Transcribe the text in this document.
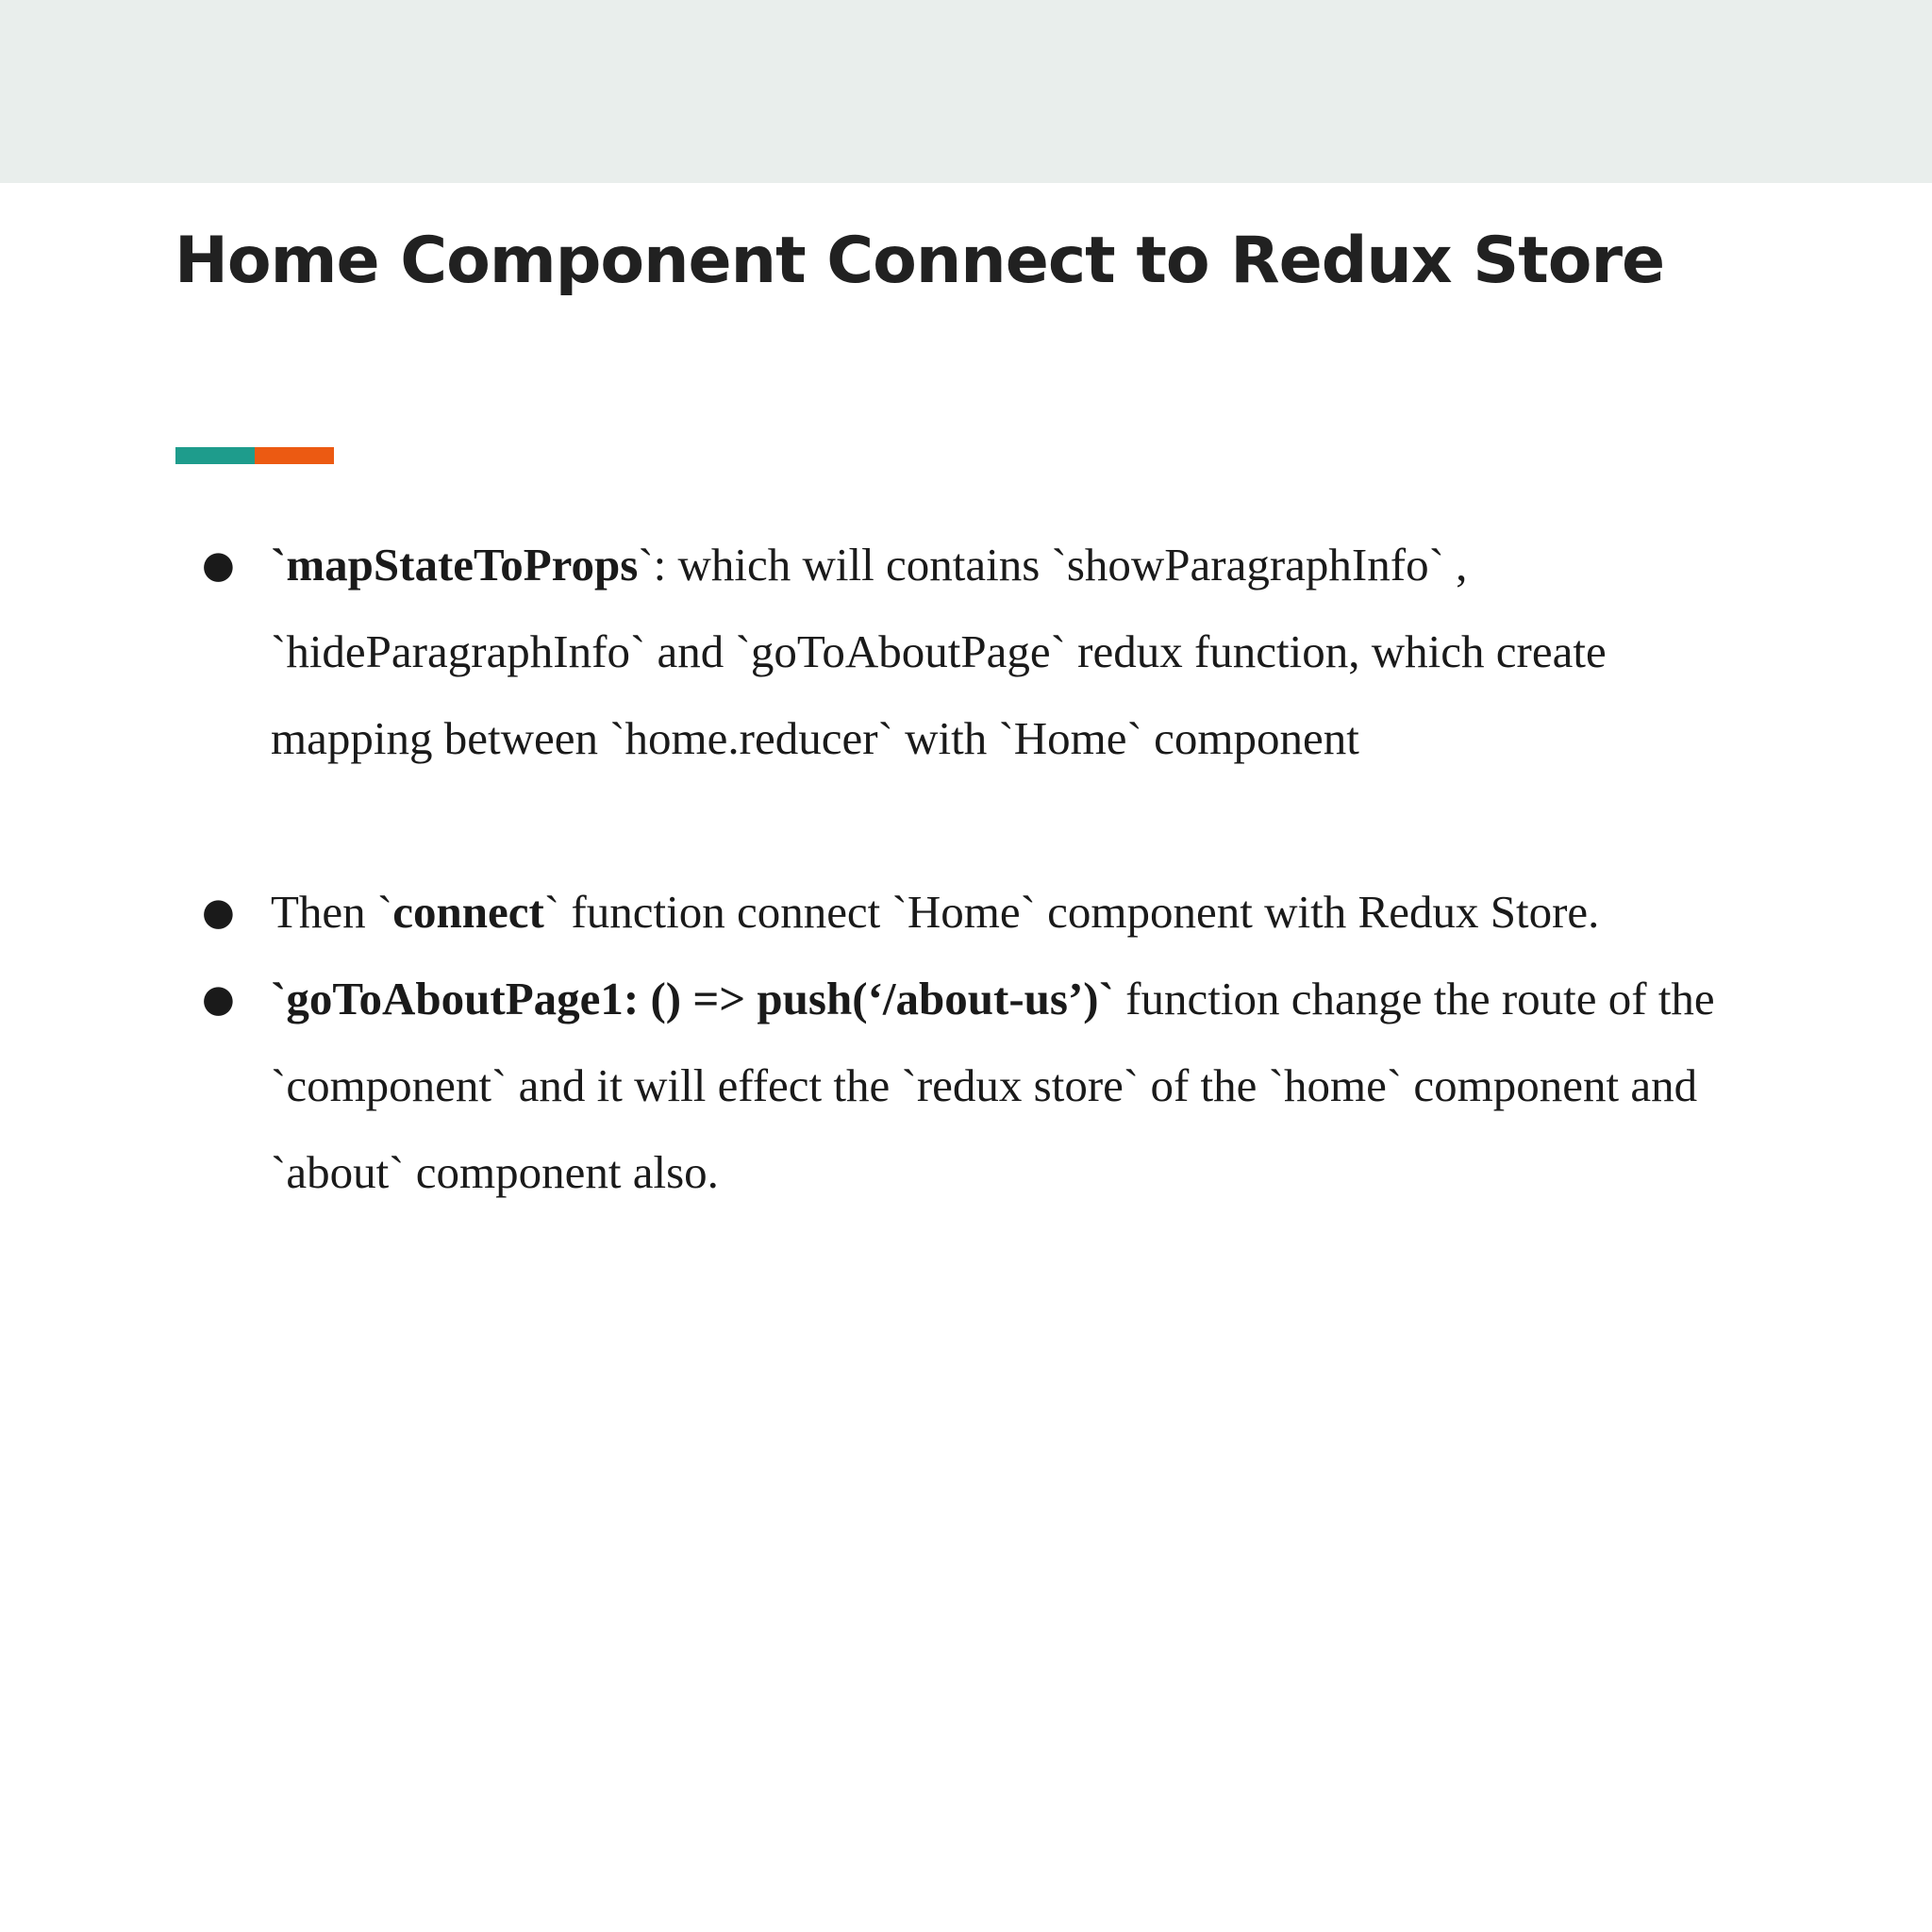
Home Component Connect to Redux Store
● `mapStateToProps`: which will contains `showParagraphInfo` , `hideParagraphInfo` and `goToAboutPage` redux function, which create mapping between `home.reducer` with `Home` component
● Then `connect` function connect `Home` component with Redux Store.
● `goToAboutPage1: () => push(‘/about-us’)` function change the route of the `component` and it will effect the `redux store` of the `home` component and `about` component also.
